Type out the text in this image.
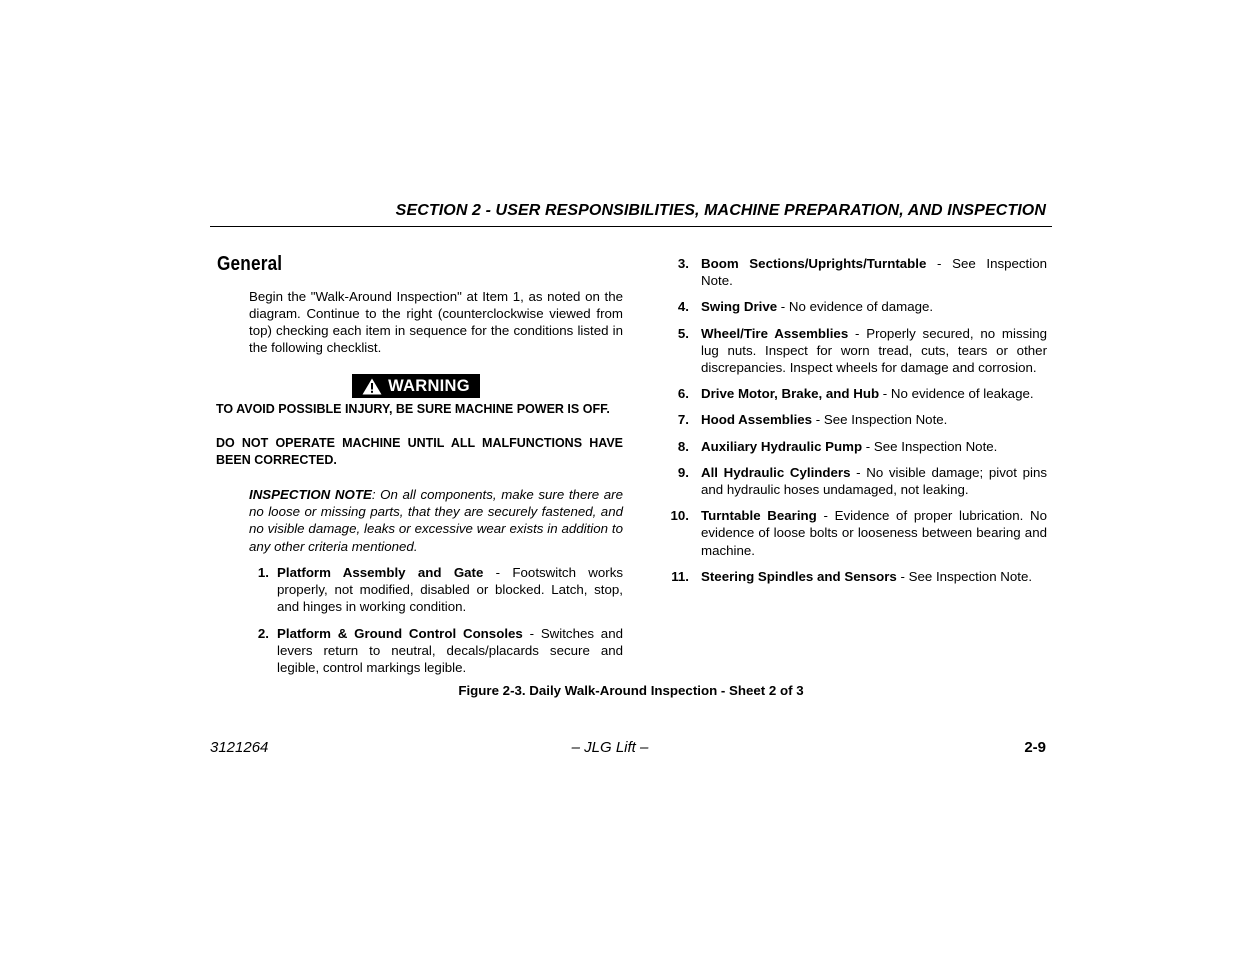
SECTION 2 - USER RESPONSIBILITIES, MACHINE PREPARATION, AND INSPECTION
General

Begin the "Walk-Around Inspection" at Item 1, as noted on the diagram. Continue to the right (counterclockwise viewed from top) checking each item in sequence for the conditions listed in the following checklist.

WARNING
TO AVOID POSSIBLE INJURY, BE SURE MACHINE POWER IS OFF.
DO NOT OPERATE MACHINE UNTIL ALL MALFUNCTIONS HAVE BEEN CORRECTED.

INSPECTION NOTE: On all components, make sure there are no loose or missing parts, that they are securely fastened, and no visible damage, leaks or excessive wear exists in addition to any other criteria mentioned.

1. Platform Assembly and Gate - Footswitch works properly, not modified, disabled or blocked. Latch, stop, and hinges in working condition.
2. Platform & Ground Control Consoles - Switches and levers return to neutral, decals/placards secure and legible, control markings legible.
3. Boom Sections/Uprights/Turntable - See Inspection Note.
4. Swing Drive - No evidence of damage.
5. Wheel/Tire Assemblies - Properly secured, no missing lug nuts. Inspect for worn tread, cuts, tears or other discrepancies. Inspect wheels for damage and corrosion.
6. Drive Motor, Brake, and Hub - No evidence of leakage.
7. Hood Assemblies - See Inspection Note.
8. Auxiliary Hydraulic Pump - See Inspection Note.
9. All Hydraulic Cylinders - No visible damage; pivot pins and hydraulic hoses undamaged, not leaking.
10. Turntable Bearing - Evidence of proper lubrication. No evidence of loose bolts or looseness between bearing and machine.
11. Steering Spindles and Sensors - See Inspection Note.
Figure 2-3. Daily Walk-Around Inspection - Sheet 2 of 3
3121264	– JLG Lift –	2-9
